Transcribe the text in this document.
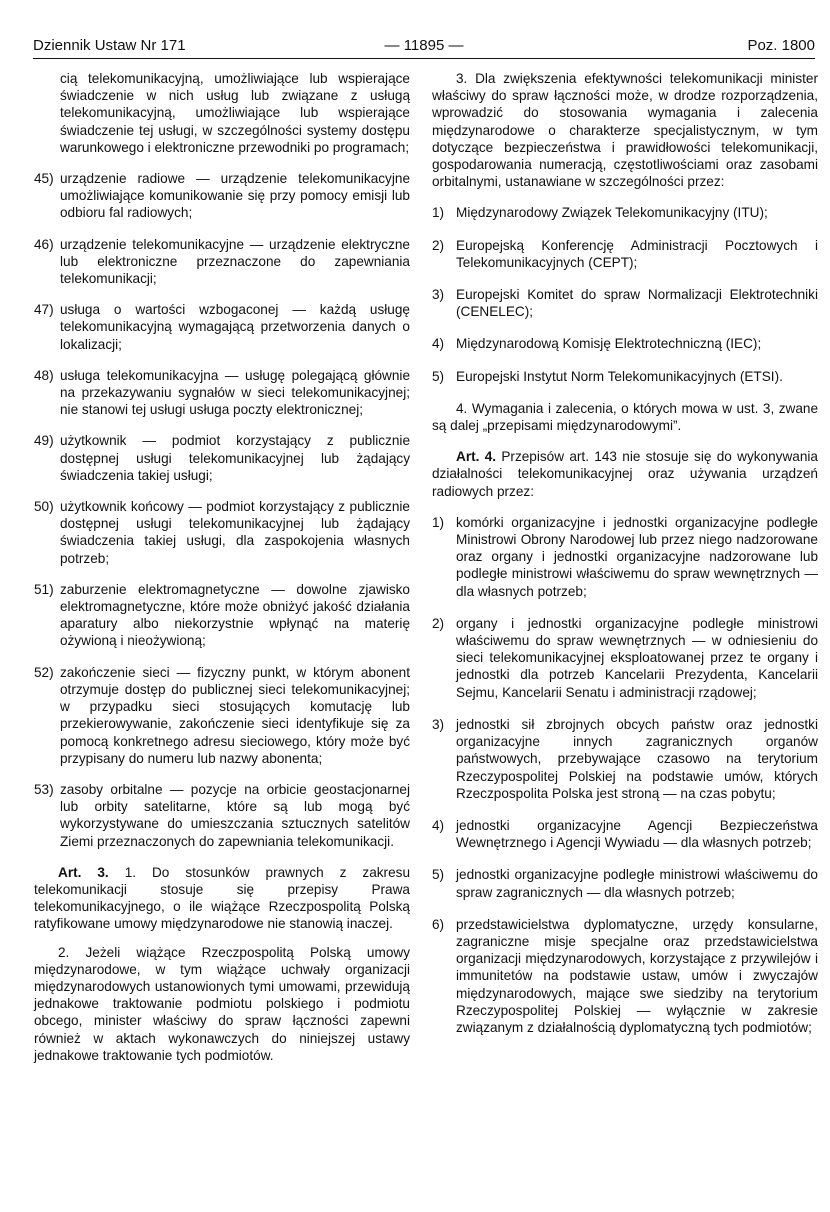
Dziennik Ustaw Nr 171	— 11895 —	Poz. 1800

cią telekomunikacyjną, umożliwiające lub wspierające świadczenie w nich usług lub związane z usługą telekomunikacyjną, umożliwiające lub wspierające świadczenie tej usługi, w szczególności systemy dostępu warunkowego i elektroniczne przewodniki po programach;

45) urządzenie radiowe — urządzenie telekomunikacyjne umożliwiające komunikowanie się przy pomocy emisji lub odbioru fal radiowych;
46) urządzenie telekomunikacyjne — urządzenie elektryczne lub elektroniczne przeznaczone do zapewniania telekomunikacji;
47) usługa o wartości wzbogaconej — każdą usługę telekomunikacyjną wymagającą przetworzenia danych o lokalizacji;
48) usługa telekomunikacyjna — usługę polegającą głównie na przekazywaniu sygnałów w sieci telekomunikacyjnej; nie stanowi tej usługi usługa poczty elektronicznej;
49) użytkownik — podmiot korzystający z publicznie dostępnej usługi telekomunikacyjnej lub żądający świadczenia takiej usługi;
50) użytkownik końcowy — podmiot korzystający z publicznie dostępnej usługi telekomunikacyjnej lub żądający świadczenia takiej usługi, dla zaspokojenia własnych potrzeb;
51) zaburzenie elektromagnetyczne — dowolne zjawisko elektromagnetyczne, które może obniżyć jakość działania aparatury albo niekorzystnie wpłynąć na materię ożywioną i nieożywioną;
52) zakończenie sieci — fizyczny punkt, w którym abonent otrzymuje dostęp do publicznej sieci telekomunikacyjnej; w przypadku sieci stosujących komutację lub przekierowywanie, zakończenie sieci identyfikuje się za pomocą konkretnego adresu sieciowego, który może być przypisany do numeru lub nazwy abonenta;
53) zasoby orbitalne — pozycje na orbicie geostacjonarnej lub orbity satelitarne, które są lub mogą być wykorzystywane do umieszczania sztucznych satelitów Ziemi przeznaczonych do zapewniania telekomunikacji.

Art. 3. 1. Do stosunków prawnych z zakresu telekomunikacji stosuje się przepisy Prawa telekomunikacyjnego, o ile wiążące Rzeczpospolitą Polską ratyfikowane umowy międzynarodowe nie stanowią inaczej.

2. Jeżeli wiążące Rzeczpospolitą Polską umowy międzynarodowe, w tym wiążące uchwały organizacji międzynarodowych ustanowionych tymi umowami, przewidują jednakowe traktowanie podmiotu polskiego i podmiotu obcego, minister właściwy do spraw łączności zapewni również w aktach wykonawczych do niniejszej ustawy jednakowe traktowanie tych podmiotów.

3. Dla zwiększenia efektywności telekomunikacji minister właściwy do spraw łączności może, w drodze rozporządzenia, wprowadzić do stosowania wymagania i zalecenia międzynarodowe o charakterze specjalistycznym, w tym dotyczące bezpieczeństwa i prawidłowości telekomunikacji, gospodarowania numeracją, częstotliwościami oraz zasobami orbitalnymi, ustanawiane w szczególności przez:

1) Międzynarodowy Związek Telekomunikacyjny (ITU);
2) Europejską Konferencję Administracji Pocztowych i Telekomunikacyjnych (CEPT);
3) Europejski Komitet do spraw Normalizacji Elektrotechniki (CENELEC);
4) Międzynarodową Komisję Elektrotechniczną (IEC);
5) Europejski Instytut Norm Telekomunikacyjnych (ETSI).

4. Wymagania i zalecenia, o których mowa w ust. 3, zwane są dalej „przepisami międzynarodowymi”.

Art. 4. Przepisów art. 143 nie stosuje się do wykonywania działalności telekomunikacyjnej oraz używania urządzeń radiowych przez:

1) komórki organizacyjne i jednostki organizacyjne podległe Ministrowi Obrony Narodowej lub przez niego nadzorowane oraz organy i jednostki organizacyjne nadzorowane lub podległe ministrowi właściwemu do spraw wewnętrznych — dla własnych potrzeb;
2) organy i jednostki organizacyjne podległe ministrowi właściwemu do spraw wewnętrznych — w odniesieniu do sieci telekomunikacyjnej eksploatowanej przez te organy i jednostki dla potrzeb Kancelarii Prezydenta, Kancelarii Sejmu, Kancelarii Senatu i administracji rządowej;
3) jednostki sił zbrojnych obcych państw oraz jednostki organizacyjne innych zagranicznych organów państwowych, przebywające czasowo na terytorium Rzeczypospolitej Polskiej na podstawie umów, których Rzeczpospolita Polska jest stroną — na czas pobytu;
4) jednostki organizacyjne Agencji Bezpieczeństwa Wewnętrznego i Agencji Wywiadu — dla własnych potrzeb;
5) jednostki organizacyjne podległe ministrowi właściwemu do spraw zagranicznych — dla własnych potrzeb;
6) przedstawicielstwa dyplomatyczne, urzędy konsularne, zagraniczne misje specjalne oraz przedstawicielstwa organizacji międzynarodowych, korzystające z przywilejów i immunitetów na podstawie ustaw, umów i zwyczajów międzynarodowych, mające swe siedziby na terytorium Rzeczypospolitej Polskiej — wyłącznie w zakresie związanym z działalnością dyplomatyczną tych podmiotów;
